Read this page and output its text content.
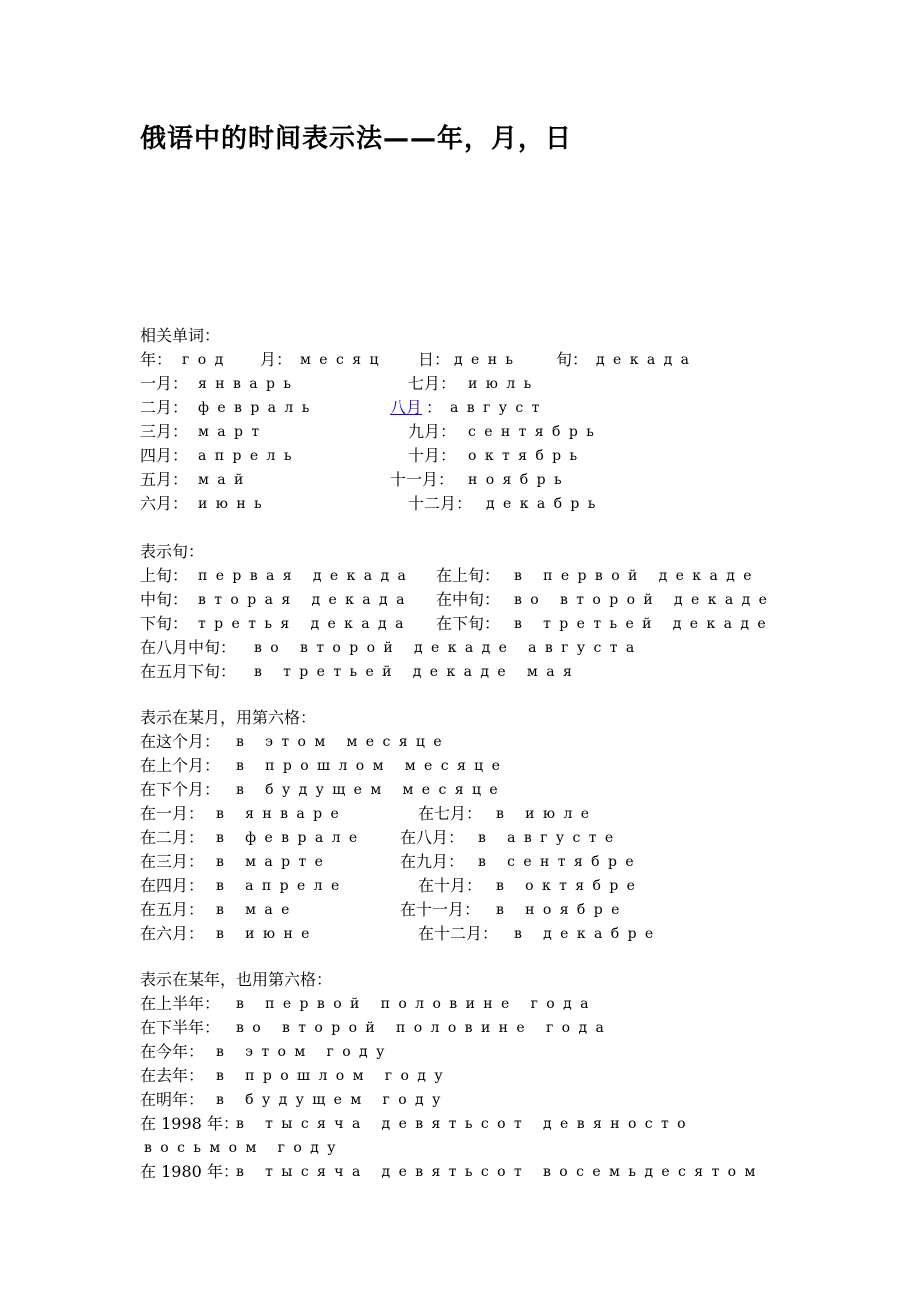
俄语中的时间表示法——年，月，日
相关单词：
年： год 月： месяц 日： день 旬： декада
一月： январь	七月： июль
二月： февраль	八月 ： август
三月： март	九月： сентябрь
四月： апрель	十月： октябрь
五月： май	十一月： ноябрь
六月： июнь	十二月： декабрь
表示旬：
上旬： первая декада 在上旬： в первой декаде
中旬： вторая декада 在中旬： во второй декаде
下旬： третья декада 在下旬： в третьей декаде
在八月中旬： во второй декаде августа
在五月下旬： в третьей декаде мая
表示在某月，用第六格：
在这个月： в этом месяце
在上个月： в прошлом месяце
在下个月： в будущем месяце
在一月： в январе	在七月： в июле
在二月： в феврале 在八月： в августе
在三月： в марте	在九月： в сентябре
在四月： в апреле	在十月： в октябре
在五月： в мае	在十一月： в ноябре
在六月： в июне	在十二月： в декабре
表示在某年，也用第六格：
在上半年： в первой половине года
在下半年： во второй половине года
在今年： в этом году
在去年： в прошлом году
在明年： в будущем году
在 1998 年：
в тысяча девятьсот девяносто
восьмом году
在 1980 年：
в тысяча девятьсот восемьдесятом
